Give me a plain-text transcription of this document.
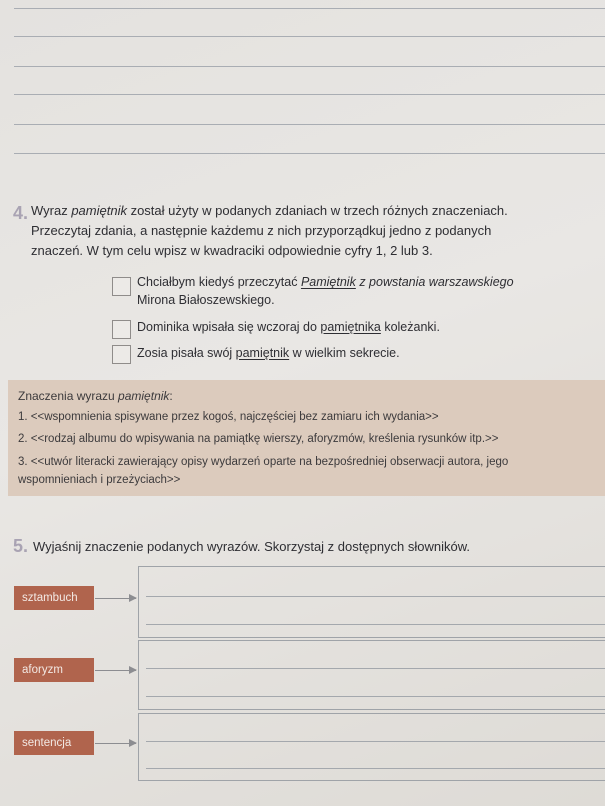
4. Wyraz pamiętnik został użyty w podanych zdaniach w trzech różnych znaczeniach.
Przeczytaj zdania, a następnie każdemu z nich przyporządkuj jedno z podanych
znaczeń. W tym celu wpisz w kwadraciki odpowiednie cyfry 1, 2 lub 3.
Chciałbym kiedyś przeczytać Pamiętnik z powstania warszawskiego
Mirona Białoszewskiego.
Dominika wpisała się wczoraj do pamiętnika koleżanki.
Zosia pisała swój pamiętnik w wielkim sekrecie.
Znaczenia wyrazu pamiętnik:
1. <<wspomnienia spisywane przez kogoś, najczęściej bez zamiaru ich wydania>>
2. <<rodzaj albumu do wpisywania na pamiątkę wierszy, aforyzmów, kreślenia rysunków itp.>>
3. <<utwór literacki zawierający opisy wydarzeń oparte na bezpośredniej obserwacji autora, jego
wspomnieniach i przeżyciach>>
5. Wyjaśnij znaczenie podanych wyrazów. Skorzystaj z dostępnych słowników.
sztambuch
aforyzm
sentencja
